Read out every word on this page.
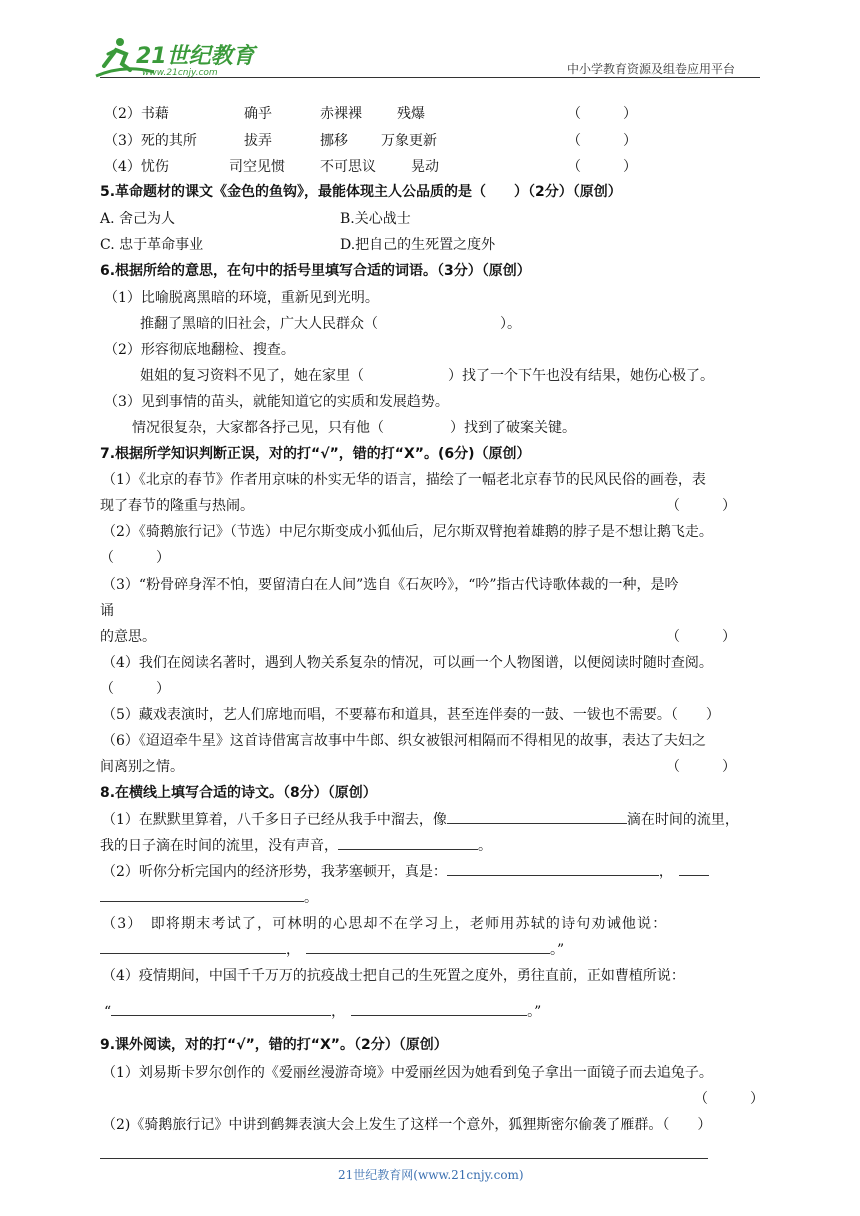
21世纪教育
www.21cnjy.com	中小学教育资源及组卷应用平台
（2）书藉	确乎	赤裸裸	残爆	（　　　）
（3）死的其所	拔弄	挪移 万象更新	（　　　）
（4）忧伤	司空见惯	不可思议	晃动	（　　　）
5.革命题材的课文《金色的鱼钩》，最能体现主人公品质的是（　　）（2分）（原创）
A. 舍己为人	B.关心战士
C. 忠于革命事业	D.把自己的生死置之度外
6.根据所给的意思，在句中的括号里填写合适的词语。（3分）（原创）
（1）比喻脱离黑暗的环境，重新见到光明。
推翻了黑暗的旧社会，广大人民群众（	）。
（2）形容彻底地翻检、搜查。
姐姐的复习资料不见了，她在家里（	）找了一个下午也没有结果，她伤心极了。
（3）见到事情的苗头，就能知道它的实质和发展趋势。
情况很复杂，大家都各抒己见，只有他（	）找到了破案关键。
7.根据所学知识判断正误，对的打“√”，错的打“X”。(6分)（原创）
（1）《北京的春节》作者用京味的朴实无华的语言，描绘了一幅老北京春节的民风民俗的画卷，表
现了春节的隆重与热闹。	（　　　）
（2）《骑鹅旅行记》（节选）中尼尔斯变成小狐仙后，尼尔斯双臂抱着雄鹅的脖子是不想让鹅飞走。
（　　　）
（3）“粉骨碎身浑不怕，要留清白在人间”选自《石灰吟》，“吟”指古代诗歌体裁的一种，是吟
诵
的意思。	（　　　）
（4）我们在阅读名著时，遇到人物关系复杂的情况，可以画一个人物图谱，以便阅读时随时查阅。
（　　　）
（5）藏戏表演时，艺人们席地而唱，不要幕布和道具，甚至连伴奏的一鼓、一钹也不需要。（　　）
（6）《迢迢牵牛星》这首诗借寓言故事中牛郎、织女被银河相隔而不得相见的故事，表达了夫妇之
间离别之情。	（　　　）
8.在横线上填写合适的诗文。（8分）（原创）
（1）在默默里算着，八千多日子已经从我手中溜去，像	滴在时间的流里，
我的日子滴在时间的流里，没有声音，	。
（2）听你分析完国内的经济形势，我茅塞顿开，真是：	，
。
（3）　即将期末考试了，可林明的心思却不在学习上，老师用苏轼的诗句劝诫他说：
，	。”
（4）疫情期间，中国千千万万的抗疫战士把自己的生死置之度外，勇往直前，正如曹植所说：
“	，	。”
9.课外阅读，对的打“√”，错的打“X”。（2分）（原创）
（1）刘易斯卡罗尔创作的《爱丽丝漫游奇境》中爱丽丝因为她看到兔子拿出一面镜子而去追兔子。
（　　　）
（2)《骑鹅旅行记》中讲到鹤舞表演大会上发生了这样一个意外，狐狸斯密尔偷袭了雁群。（　　）
21世纪教育网(www.21cnjy.com)
